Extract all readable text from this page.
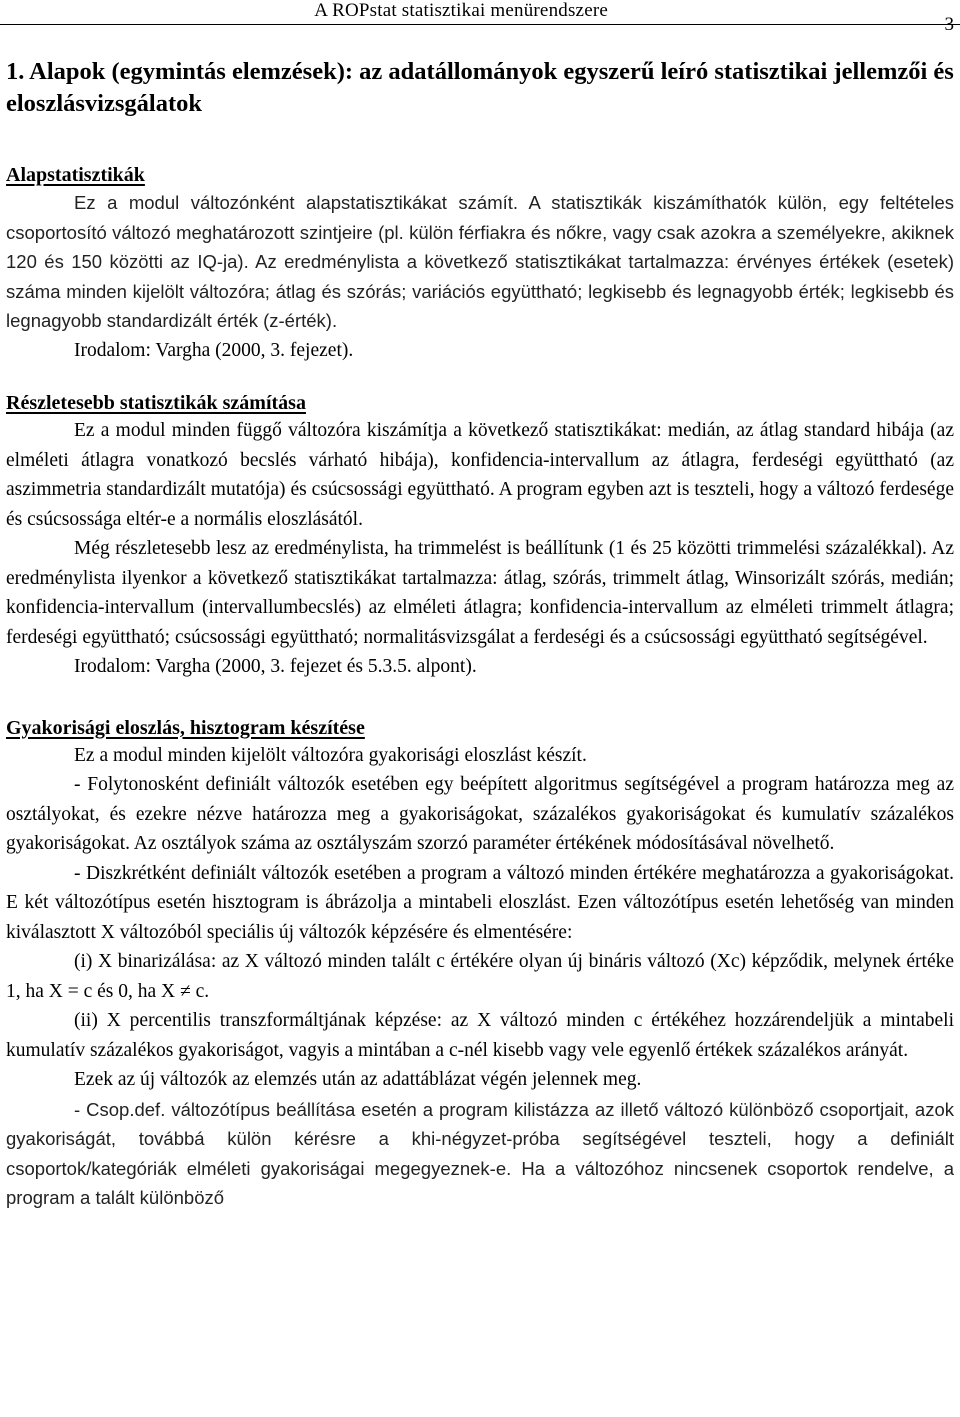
A ROPstat statisztikai menürendszere
1. Alapok (egymintás elemzések): az adatállományok egyszerű leíró statisztikai jellemzői és eloszlásvizsgálatok
Alapstatisztikák

Ez a modul változónként alapstatisztikákat számít. A statisztikák kiszámíthatók külön, egy feltételes csoportosító változó meghatározott szintjeire (pl. külön férfiakra és nőkre, vagy csak azokra a személyekre, akiknek 120 és 150 közötti az IQ-ja). Az eredménylista a következő statisztikákat tartalmazza: érvényes értékek (esetek) száma minden kijelölt változóra; átlag és szórás; variációs együttható; legkisebb és legnagyobb érték; legkisebb és legnagyobb standardizált érték (z-érték).

Irodalom: Vargha (2000, 3. fejezet).

Részletesebb statisztikák számítása

Ez a modul minden függő változóra kiszámítja a következő statisztikákat: medián, az átlag standard hibája (az elméleti átlagra vonatkozó becslés várható hibája), konfidencia-intervallum az átlagra, ferdeségi együttható (az aszimmetria standardizált mutatója) és csúcsossági együttható. A program egyben azt is teszteli, hogy a változó ferdesége és csúcsossága eltér-e a normális eloszlásától.

Még részletesebb lesz az eredménylista, ha trimmelést is beállítunk (1 és 25 közötti trimmelési százalékkal). Az eredménylista ilyenkor a következő statisztikákat tartalmazza: átlag, szórás, trimmelt átlag, Winsorizált szórás, medián; konfidencia-intervallum (intervallumbecslés) az elméleti átlagra; konfidencia-intervallum az elméleti trimmelt átlagra; ferdeségi együttható; csúcsossági együttható; normalitásvizsgálat a ferdeségi és a csúcsossági együttható segítségével.

Irodalom: Vargha (2000, 3. fejezet és 5.3.5. alpont).

Gyakorisági eloszlás, hisztogram készítése

Ez a modul minden kijelölt változóra gyakorisági eloszlást készít.

- Folytonosként definiált változók esetében egy beépített algoritmus segítségével a program határozza meg az osztályokat, és ezekre nézve határozza meg a gyakoriságokat, százalékos gyakoriságokat és kumulatív százalékos gyakoriságokat. Az osztályok száma az osztályszám szorzó paraméter értékének módosításával növelhető.

- Diszkrétként definiált változók esetében a program a változó minden értékére meghatározza a gyakoriságokat. E két változótípus esetén hisztogram is ábrázolja a mintabeli eloszlást. Ezen változótípus esetén lehetőség van minden kiválasztott X változóból speciális új változók képzésére és elmentésére:

(i) X binarizálása: az X változó minden talált c értékére olyan új bináris változó (Xc) képződik, melynek értéke 1, ha X = c és 0, ha X ≠ c.

(ii) X percentilis transzformáltjának képzése: az X változó minden c értékéhez hozzárendeljük a mintabeli kumulatív százalékos gyakoriságot, vagyis a mintában a c-nél kisebb vagy vele egyenlő értékek százalékos arányát.

Ezek az új változók az elemzés után az adattáblázat végén jelennek meg.

- Csop.def. változótípus beállítása esetén a program kilistázza az illető változó különböző csoportjait, azok gyakoriságát, továbbá külön kérésre a khi-négyzet-próba segítségével teszteli, hogy a definiált csoportok/kategóriák elméleti gyakoriságai megegyeznek-e. Ha a változóhoz nincsenek csoportok rendelve, a program a talált különböző
